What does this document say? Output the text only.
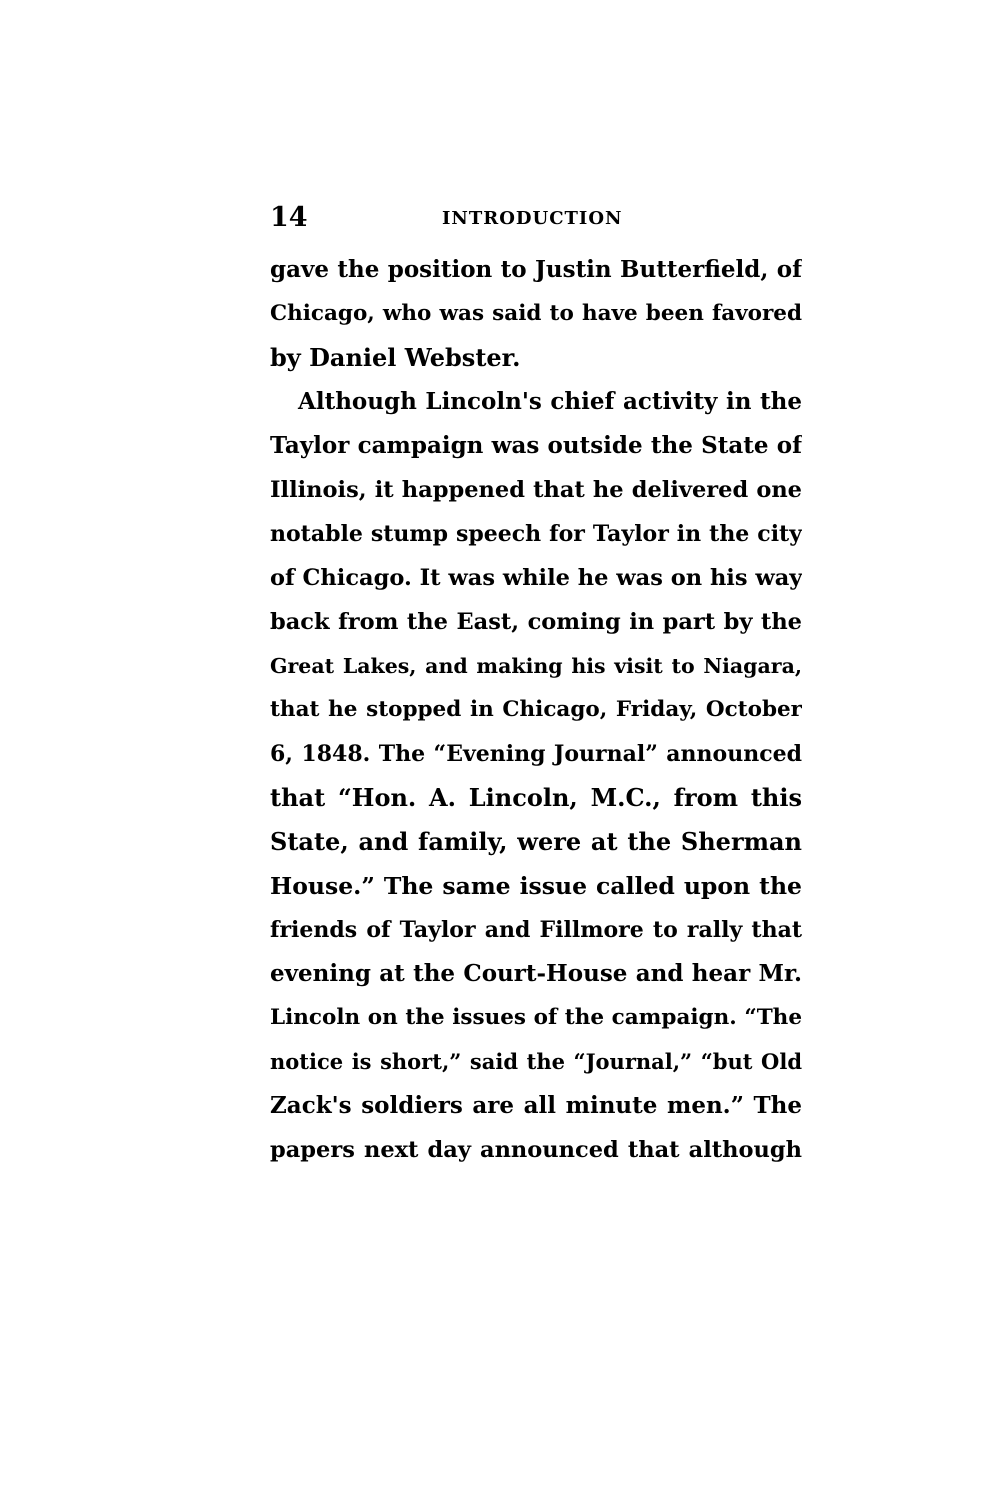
14	INTRODUCTION
gave the position to Justin Butterfield, of
Chicago, who was said to have been favored
by Daniel Webster.
Although Lincoln's chief activity in the
Taylor campaign was outside the State of
Illinois, it happened that he delivered one
notable stump speech for Taylor in the city
of Chicago. It was while he was on his way
back from the East, coming in part by the
Great Lakes, and making his visit to Niagara,
that he stopped in Chicago, Friday, October
6, 1848. The “Evening Journal” announced
that “Hon. A. Lincoln, M.C., from this
State, and family, were at the Sherman
House.” The same issue called upon the
friends of Taylor and Fillmore to rally that
evening at the Court-House and hear Mr.
Lincoln on the issues of the campaign. “The
notice is short,” said the “Journal,” “but Old
Zack's soldiers are all minute men.” The
papers next day announced that although
